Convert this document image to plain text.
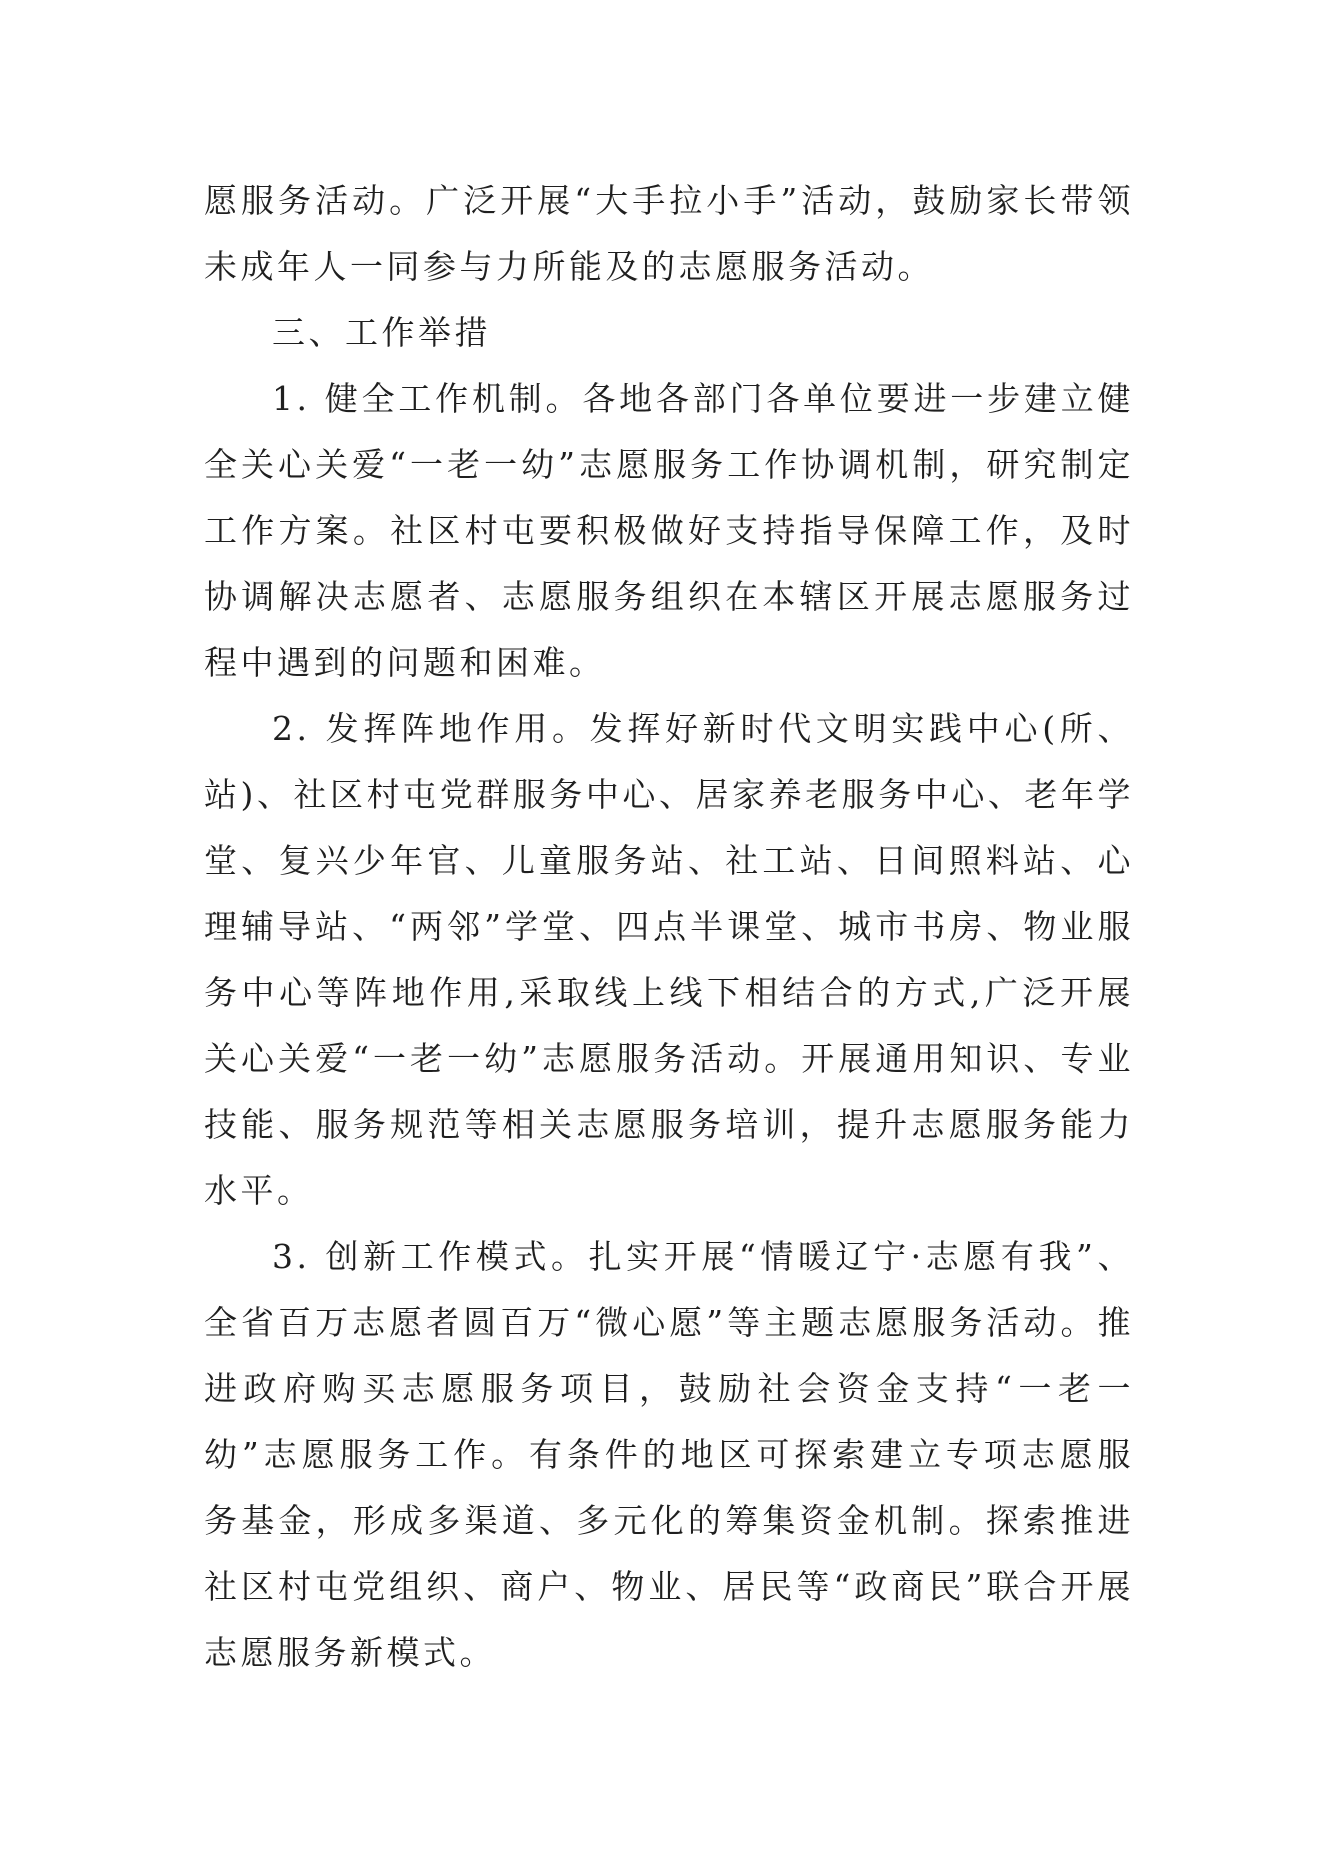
愿服务活动。广泛开展“大手拉小手”活动，鼓励家长带领未成年人一同参与力所能及的志愿服务活动。

三、工作举措

1. 健全工作机制。各地各部门各单位要进一步建立健全关心关爱“一老一幼”志愿服务工作协调机制，研究制定工作方案。社区村屯要积极做好支持指导保障工作，及时协调解决志愿者、志愿服务组织在本辖区开展志愿服务过程中遇到的问题和困难。

2. 发挥阵地作用。发挥好新时代文明实践中心(所、站)、社区村屯党群服务中心、居家养老服务中心、老年学堂、复兴少年官、儿童服务站、社工站、日间照料站、心理辅导站、“两邻”学堂、四点半课堂、城市书房、物业服务中心等阵地作用,采取线上线下相结合的方式,广泛开展关心关爱“一老一幼”志愿服务活动。开展通用知识、专业技能、服务规范等相关志愿服务培训，提升志愿服务能力水平。

3. 创新工作模式。扎实开展“情暖辽宁·志愿有我”、全省百万志愿者圆百万“微心愿”等主题志愿服务活动。推进政府购买志愿服务项目，鼓励社会资金支持“一老一幼”志愿服务工作。有条件的地区可探索建立专项志愿服务基金，形成多渠道、多元化的筹集资金机制。探索推进社区村屯党组织、商户、物业、居民等“政商民”联合开展志愿服务新模式。
